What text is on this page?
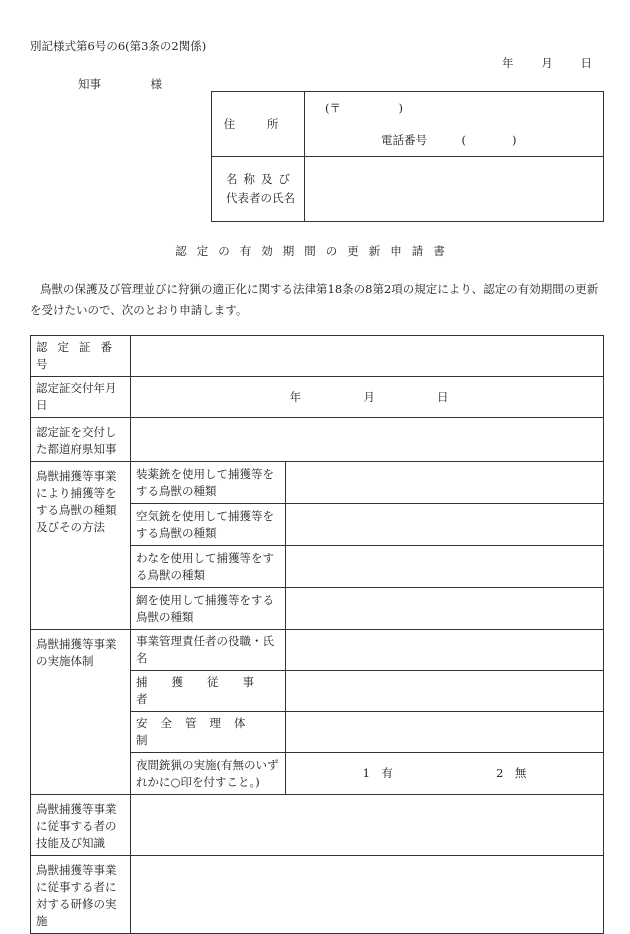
別記様式第6号の6(第3条の2関係)
年 月 日
知事	様
住 所	(〒　　　　　)
電話番号　　　(　　　　)

名称及び
代表者の氏名	

認定の有効期間の更新申請書
鳥獣の保護及び管理並びに狩猟の適正化に関する法律第18条の8第2項の規定により、認定の有効期間の更新を受けたいので、次のとおり申請します。
認定証番号		
認定証交付年月日	年 月 日	
認定証を交付した都道府県知事		
鳥獣捕獲等事業により捕獲等をする鳥獣の種類及びその方法	装薬銃を使用して捕獲等をする鳥獣の種類	
	空気銃を使用して捕獲等をする鳥獣の種類	
	わなを使用して捕獲等をする鳥獣の種類	
	網を使用して捕獲等をする鳥獣の種類	
鳥獣捕獲等事業の実施体制	事業管理責任者の役職・氏名	
	捕獲従事者	
	安全管理体制	
	夜間銃猟の実施(有無のいずれかに○印を付すこと。)	1　有 2　無

鳥獣捕獲等事業に従事する者の技能及び知識		
鳥獣捕獲等事業に従事する者に対する研修の実施		
